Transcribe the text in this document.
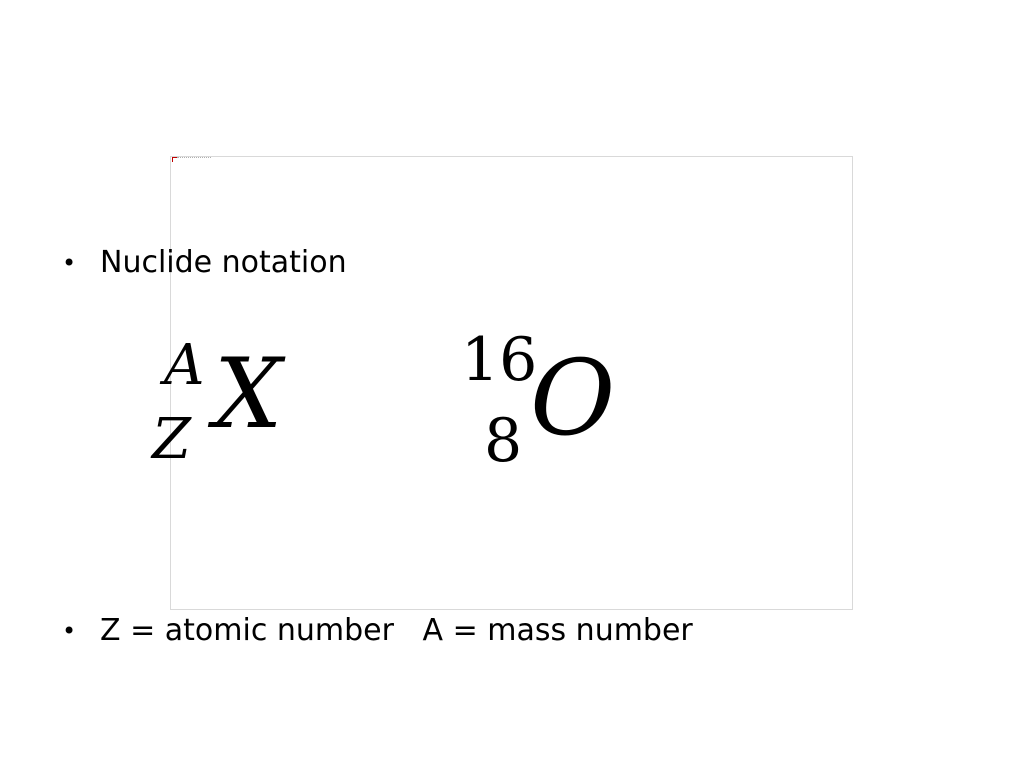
• Nuclide notation
A
Z X	16
8 O
• Z = atomic number   A = mass number
